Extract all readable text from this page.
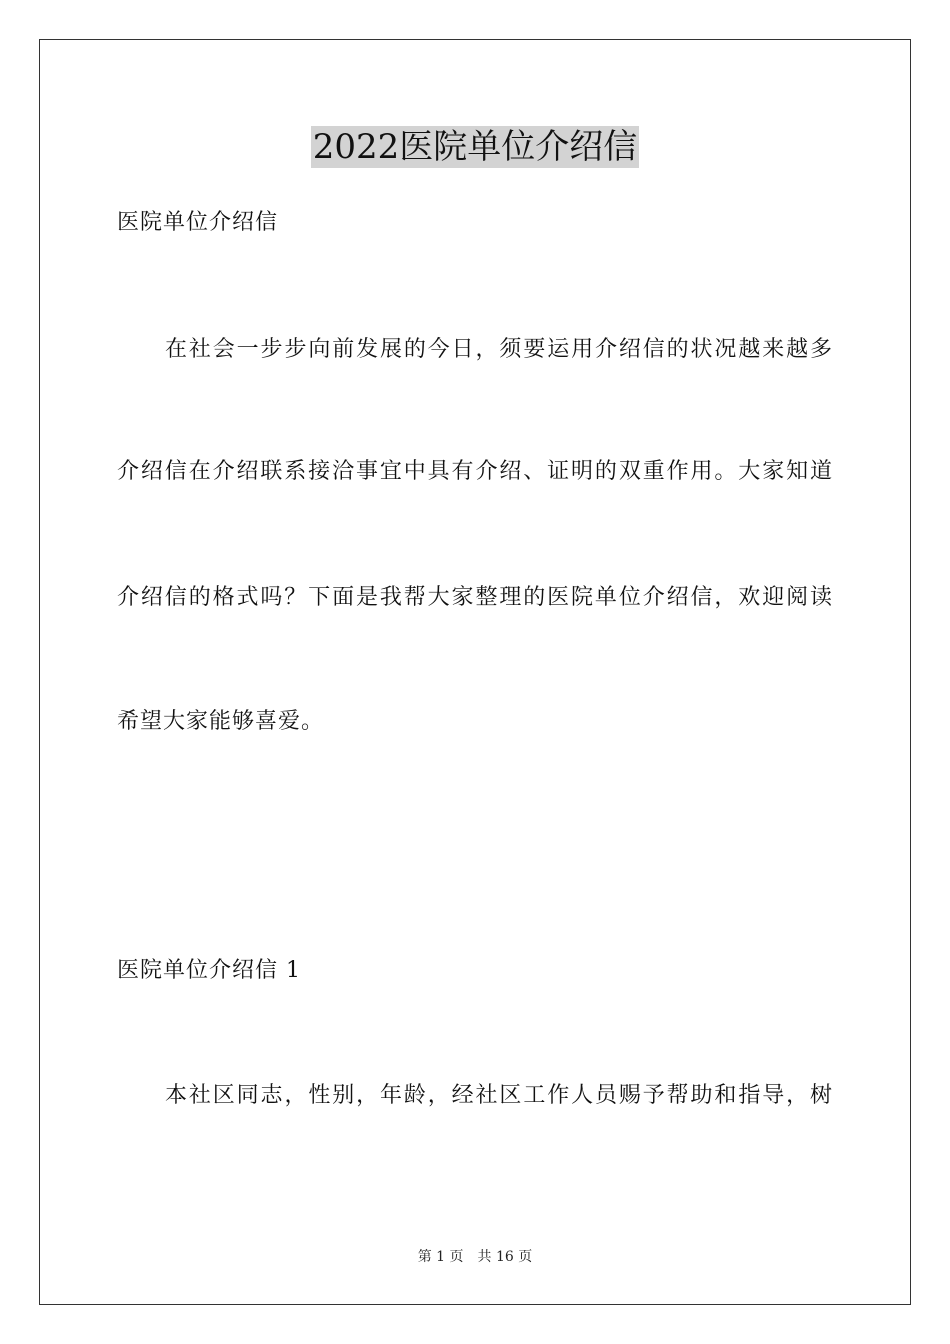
2022医院单位介绍信
医院单位介绍信
在社会一步步向前发展的今日，须要运用介绍信的状况越来越多
介绍信在介绍联系接洽事宜中具有介绍、证明的双重作用。大家知道
介绍信的格式吗？下面是我帮大家整理的医院单位介绍信，欢迎阅读
希望大家能够喜爱。
医院单位介绍信 1
本社区同志，性别，年龄，经社区工作人员赐予帮助和指导，树
第 1 页 共 16 页
